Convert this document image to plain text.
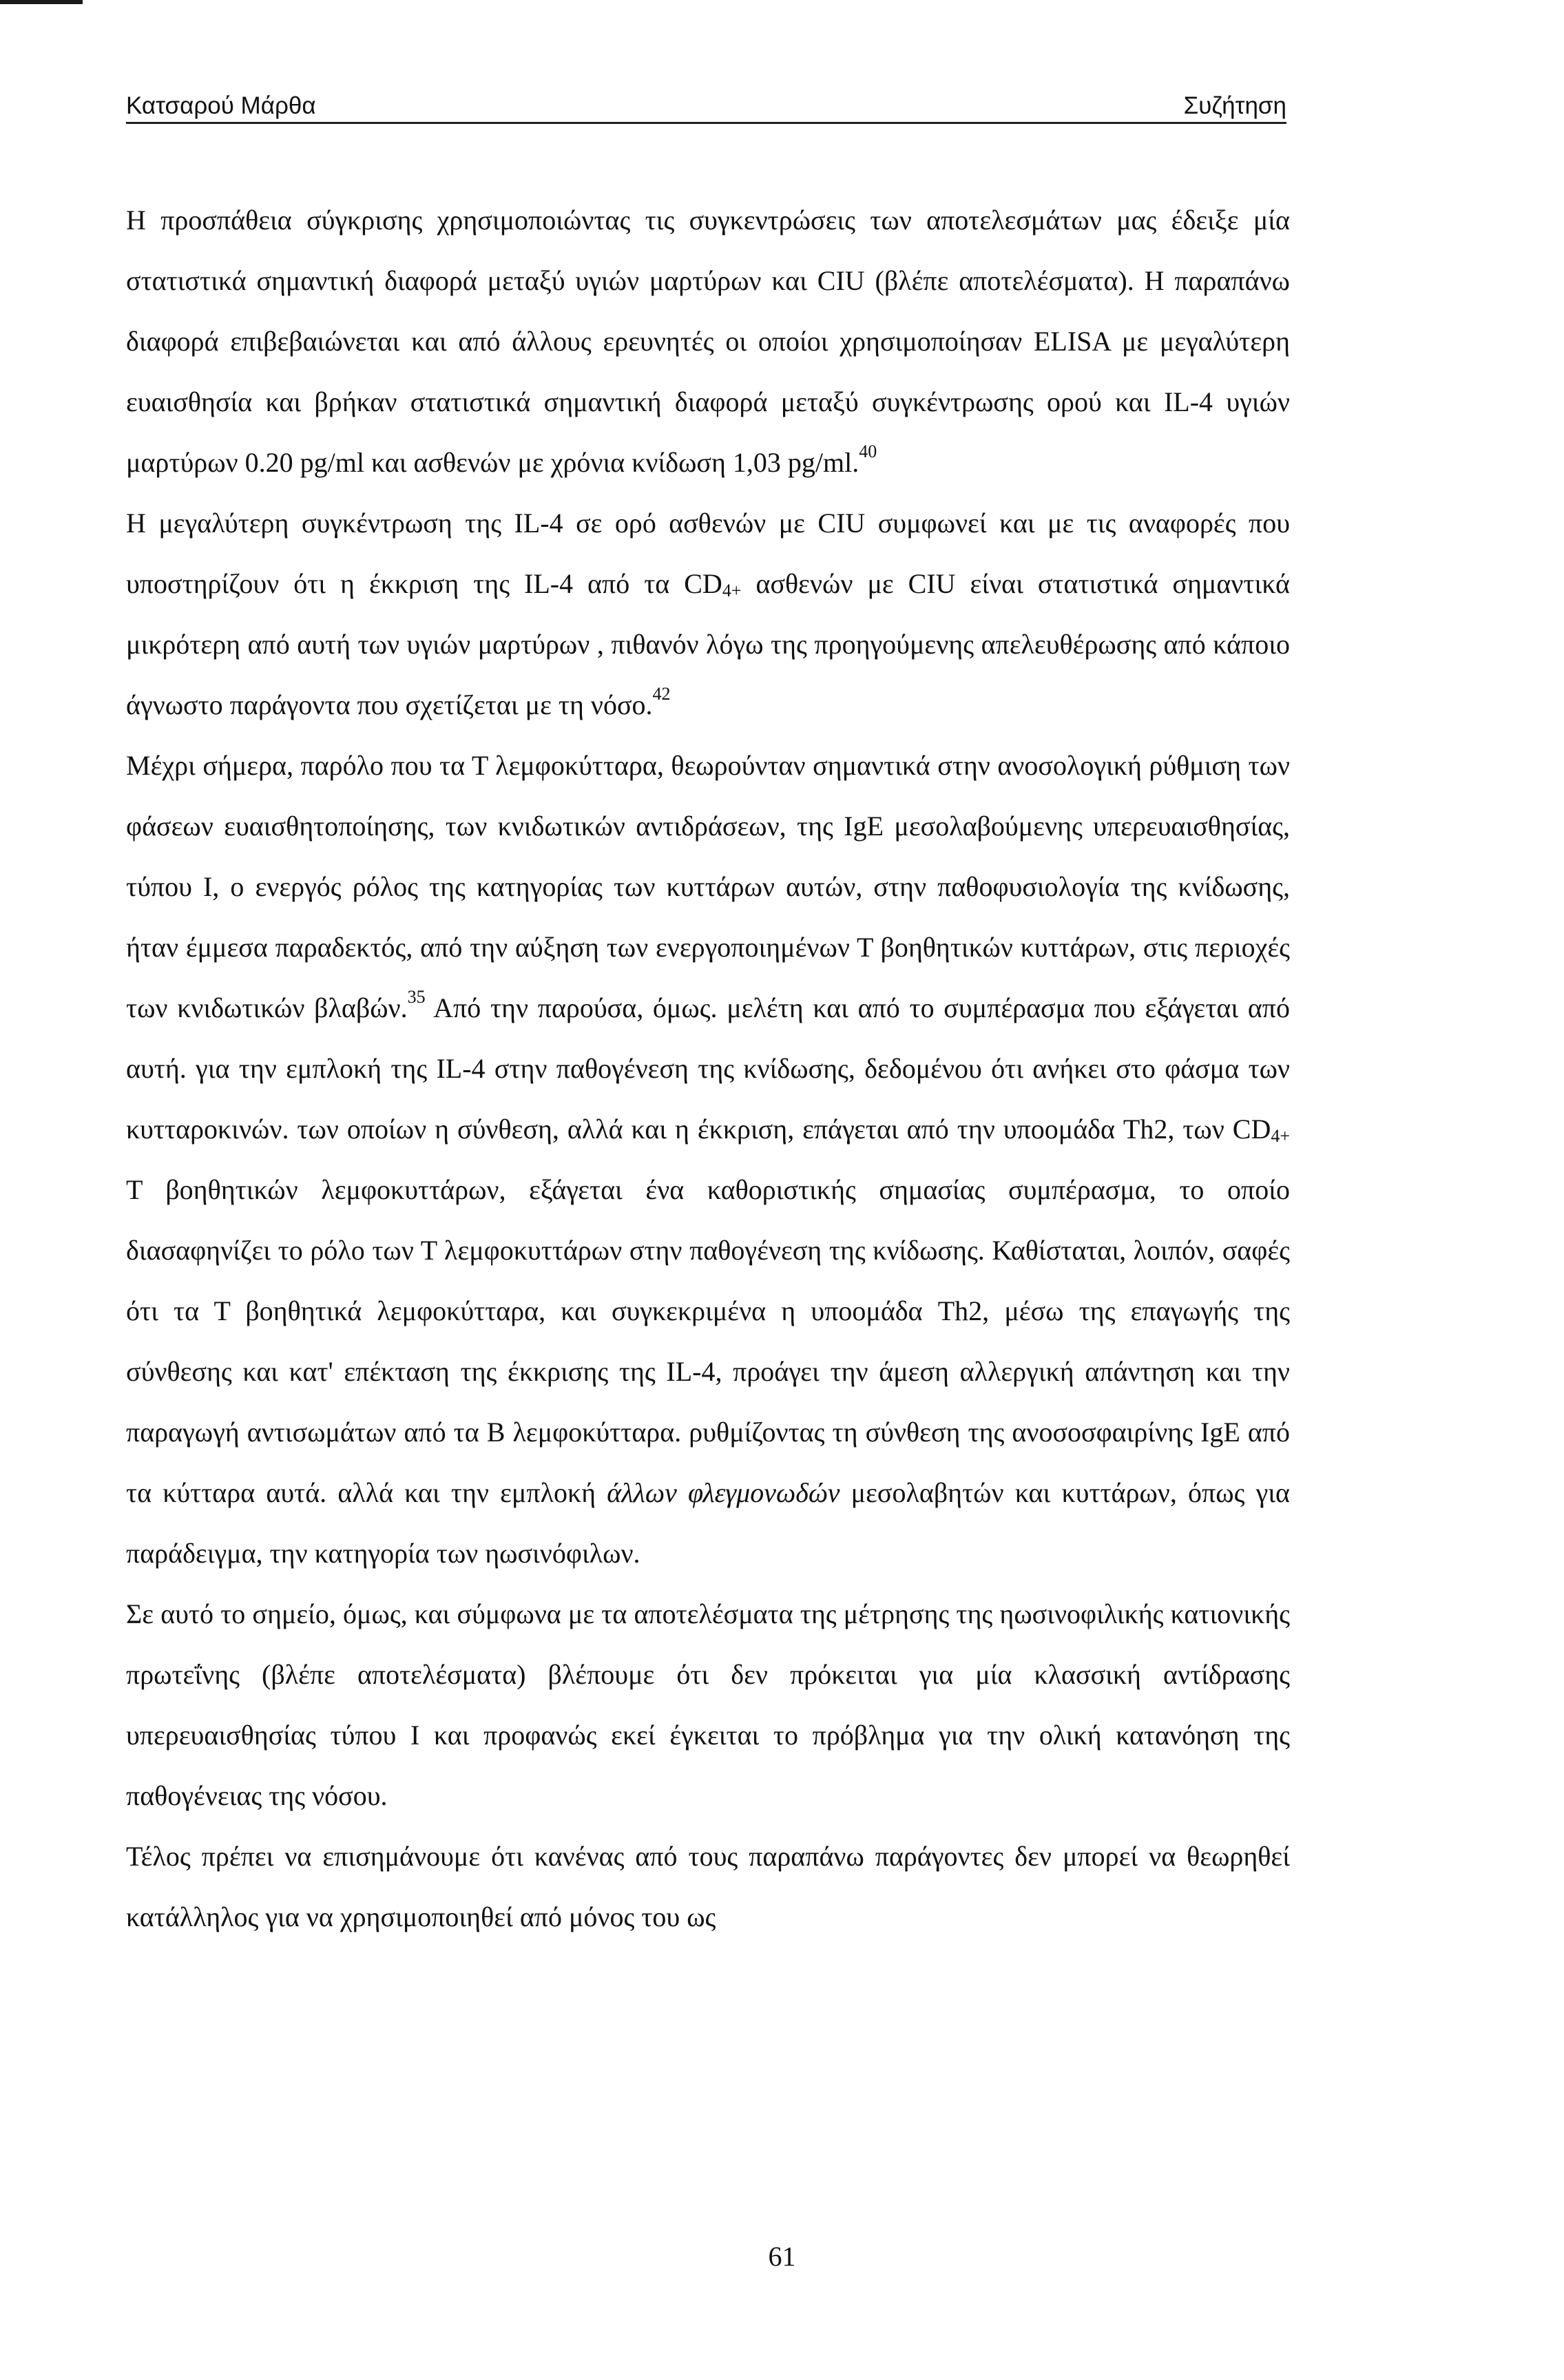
Κατσαρού Μάρθα	Συζήτηση

Η προσπάθεια σύγκρισης χρησιμοποιώντας τις συγκεντρώσεις των αποτελεσμάτων μας έδειξε μία στατιστικά σημαντική διαφορά μεταξύ υγιών μαρτύρων και CIU (βλέπε αποτελέσματα). Η παραπάνω διαφορά επιβεβαιώνεται και από άλλους ερευνητές οι οποίοι χρησιμοποίησαν ELISA με μεγαλύτερη ευαισθησία και βρήκαν στατιστικά σημαντική διαφορά μεταξύ συγκέντρωσης ορού και IL-4 υγιών μαρτύρων 0.20 pg/ml και ασθενών με χρόνια κνίδωση 1,03 pg/ml.$^{40}$

Η μεγαλύτερη συγκέντρωση της IL-4 σε ορό ασθενών με CIU συμφωνεί και με τις αναφορές που υποστηρίζουν ότι η έκκριση της IL-4 από τα $CD_{4+}$ ασθενών με CIU είναι στατιστικά σημαντικά μικρότερη από αυτή των υγιών μαρτύρων , πιθανόν λόγω της προηγούμενης απελευθέρωσης από κάποιο άγνωστο παράγοντα που σχετίζεται με τη νόσο.$^{42}$

Μέχρι σήμερα, παρόλο που τα Τ λεμφοκύτταρα, θεωρούνταν σημαντικά στην ανοσολογική ρύθμιση των φάσεων ευαισθητοποίησης, των κνιδωτικών αντιδράσεων, της IgE μεσολαβούμενης υπερευαισθησίας, τύπου I, ο ενεργός ρόλος της κατηγορίας των κυττάρων αυτών, στην παθοφυσιολογία της κνίδωσης, ήταν έμμεσα παραδεκτός, από την αύξηση των ενεργοποιημένων Τ βοηθητικών κυττάρων, στις περιοχές των κνιδωτικών βλαβών.$^{35}$ Από την παρούσα, όμως. μελέτη και από το συμπέρασμα που εξάγεται από αυτή. για την εμπλοκή της IL-4 στην παθογένεση της κνίδωσης, δεδομένου ότι ανήκει στο φάσμα των κυτταροκινών. των οποίων η σύνθεση, αλλά και η έκκριση, επάγεται από την υποομάδα Th2, των $CD_{4+}$ Τ βοηθητικών λεμφοκυττάρων, εξάγεται ένα καθοριστικής σημασίας συμπέρασμα, το οποίο διασαφηνίζει το ρόλο των Τ λεμφοκυττάρων στην παθογένεση της κνίδωσης. Καθίσταται, λοιπόν, σαφές ότι τα Τ βοηθητικά λεμφοκύτταρα, και συγκεκριμένα η υποομάδα Th2, μέσω της επαγωγής της σύνθεσης και κατ' επέκταση της έκκρισης της IL-4, προάγει την άμεση αλλεργική απάντηση και την παραγωγή αντισωμάτων από τα Β λεμφοκύτταρα. ρυθμίζοντας τη σύνθεση της ανοσοσφαιρίνης IgE από τα κύτταρα αυτά. αλλά και την εμπλοκή άλλων φλεγμονωδών μεσολαβητών και κυττάρων, όπως για παράδειγμα, την κατηγορία των ηωσινόφιλων.

Σε αυτό το σημείο, όμως, και σύμφωνα με τα αποτελέσματα της μέτρησης της ηωσινοφιλικής κατιονικής πρωτεΐνης (βλέπε αποτελέσματα) βλέπουμε ότι δεν πρόκειται για μία κλασσική αντίδρασης υπερευαισθησίας τύπου I και προφανώς εκεί έγκειται το πρόβλημα για την ολική κατανόηση της παθογένειας της νόσου.

Τέλος πρέπει να επισημάνουμε ότι κανένας από τους παραπάνω παράγοντες δεν μπορεί να θεωρηθεί κατάλληλος για να χρησιμοποιηθεί από μόνος του ως

61
